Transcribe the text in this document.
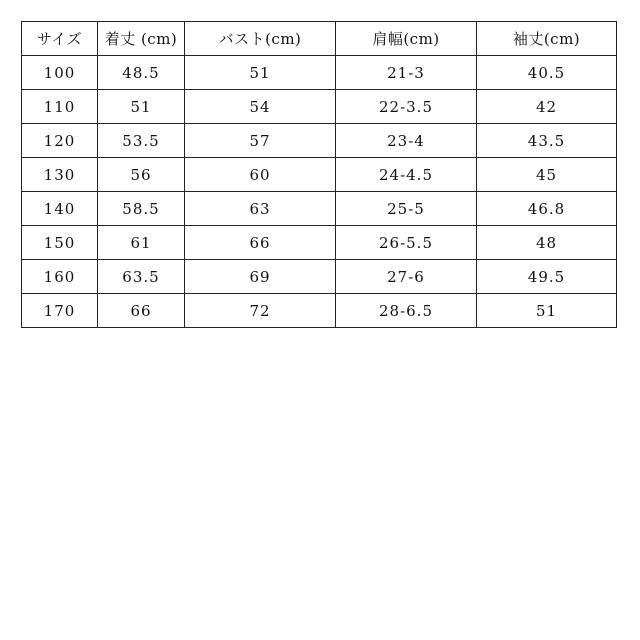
サイズ	着丈 (cm)	バスト(cm)	肩幅(cm)	袖丈(cm)
100	48.5	51	21-3	40.5
110	51	54	22-3.5	42
120	53.5	57	23-4	43.5
130	56	60	24-4.5	45
140	58.5	63	25-5	46.8
150	61	66	26-5.5	48
160	63.5	69	27-6	49.5
170	66	72	28-6.5	51
